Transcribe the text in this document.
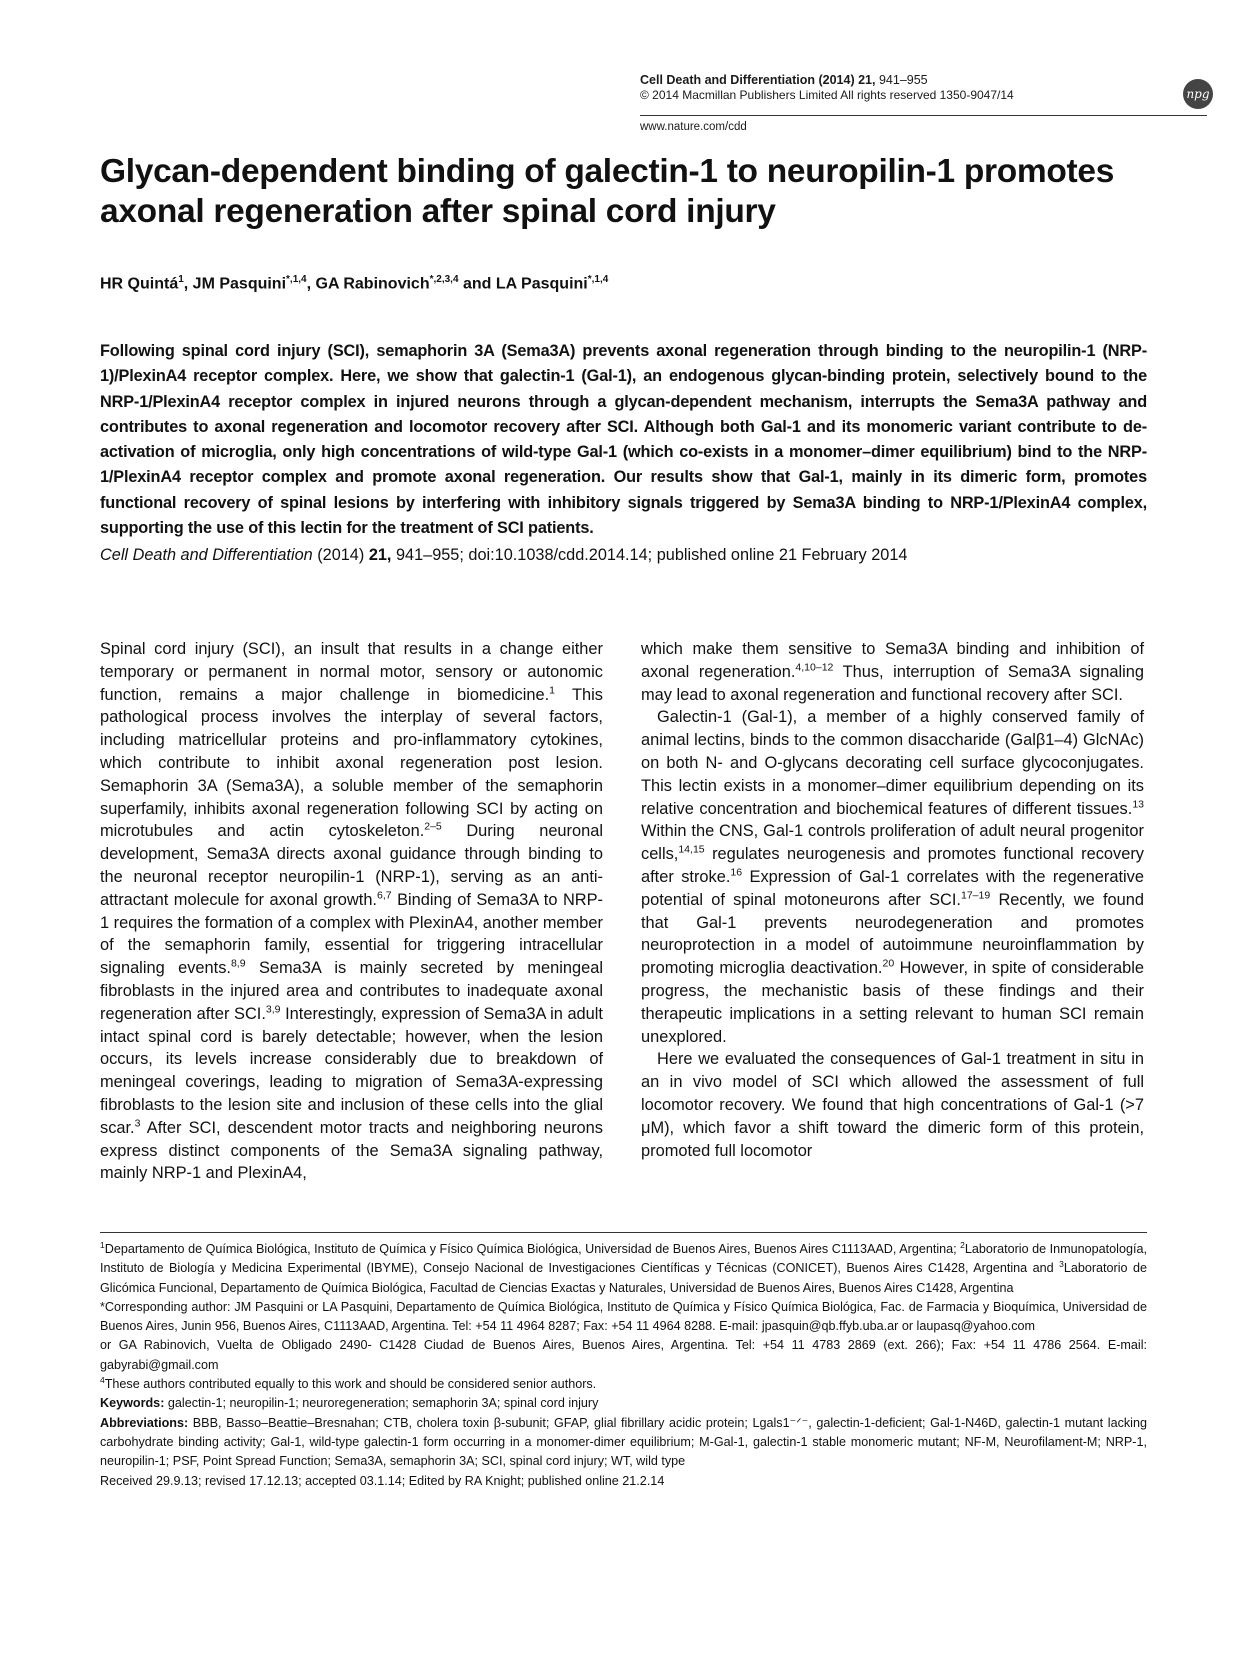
Cell Death and Differentiation (2014) 21, 941–955
© 2014 Macmillan Publishers Limited All rights reserved 1350-9047/14
www.nature.com/cdd
npg
Glycan-dependent binding of galectin-1 to neuropilin-1 promotes axonal regeneration after spinal cord injury
HR Quintá$^1$, JM Pasquini$^{*,1,4}$, GA Rabinovich$^{*,2,3,4}$ and LA Pasquini$^{*,1,4}$
Following spinal cord injury (SCI), semaphorin 3A (Sema3A) prevents axonal regeneration through binding to the neuropilin-1 (NRP-1)/PlexinA4 receptor complex. Here, we show that galectin-1 (Gal-1), an endogenous glycan-binding protein, selectively bound to the NRP-1/PlexinA4 receptor complex in injured neurons through a glycan-dependent mechanism, interrupts the Sema3A pathway and contributes to axonal regeneration and locomotor recovery after SCI. Although both Gal-1 and its monomeric variant contribute to de-activation of microglia, only high concentrations of wild-type Gal-1 (which co-exists in a monomer–dimer equilibrium) bind to the NRP-1/PlexinA4 receptor complex and promote axonal regeneration. Our results show that Gal-1, mainly in its dimeric form, promotes functional recovery of spinal lesions by interfering with inhibitory signals triggered by Sema3A binding to NRP-1/PlexinA4 complex, supporting the use of this lectin for the treatment of SCI patients.
Cell Death and Differentiation (2014) 21, 941–955; doi:10.1038/cdd.2014.14; published online 21 February 2014

Spinal cord injury (SCI), an insult that results in a change either temporary or permanent in normal motor, sensory or autonomic function, remains a major challenge in biomedicine.$^1$ This pathological process involves the interplay of several factors, including matricellular proteins and pro-inflammatory cytokines, which contribute to inhibit axonal regeneration post lesion. Semaphorin 3A (Sema3A), a soluble member of the semaphorin superfamily, inhibits axonal regeneration following SCI by acting on microtubules and actin cytoskeleton.$^{2-5}$ During neuronal development, Sema3A directs axonal guidance through binding to the neuronal receptor neuropilin-1 (NRP-1), serving as an anti-attractant molecule for axonal growth.$^{6,7}$ Binding of Sema3A to NRP-1 requires the formation of a complex with PlexinA4, another member of the semaphorin family, essential for triggering intracellular signaling events.$^{8,9}$ Sema3A is mainly secreted by meningeal fibroblasts in the injured area and contributes to inadequate axonal regeneration after SCI.$^{3,9}$ Interestingly, expression of Sema3A in adult intact spinal cord is barely detectable; however, when the lesion occurs, its levels increase considerably due to breakdown of meningeal coverings, leading to migration of Sema3A-expressing fibroblasts to the lesion site and inclusion of these cells into the glial scar.$^3$ After SCI, descendent motor tracts and neighboring neurons express distinct components of the Sema3A signaling pathway, mainly NRP-1 and PlexinA4,

which make them sensitive to Sema3A binding and inhibition of axonal regeneration.$^{4,10-12}$ Thus, interruption of Sema3A signaling may lead to axonal regeneration and functional recovery after SCI.

Galectin-1 (Gal-1), a member of a highly conserved family of animal lectins, binds to the common disaccharide (Galβ1–4) GlcNAc) on both N- and O-glycans decorating cell surface glycoconjugates. This lectin exists in a monomer–dimer equilibrium depending on its relative concentration and biochemical features of different tissues.$^{13}$ Within the CNS, Gal-1 controls proliferation of adult neural progenitor cells,$^{14,15}$ regulates neurogenesis and promotes functional recovery after stroke.$^{16}$ Expression of Gal-1 correlates with the regenerative potential of spinal motoneurons after SCI.$^{17-19}$ Recently, we found that Gal-1 prevents neurodegeneration and promotes neuroprotection in a model of autoimmune neuroinflammation by promoting microglia deactivation.$^{20}$ However, in spite of considerable progress, the mechanistic basis of these findings and their therapeutic implications in a setting relevant to human SCI remain unexplored.

Here we evaluated the consequences of Gal-1 treatment in situ in an in vivo model of SCI which allowed the assessment of full locomotor recovery. We found that high concentrations of Gal-1 (>7 μM), which favor a shift toward the dimeric form of this protein, promoted full locomotor

$^1$Departamento de Química Biológica, Instituto de Química y Físico Química Biológica, Universidad de Buenos Aires, Buenos Aires C1113AAD, Argentina; $^2$Laboratorio de Inmunopatología, Instituto de Biología y Medicina Experimental (IBYME), Consejo Nacional de Investigaciones Científicas y Técnicas (CONICET), Buenos Aires C1428, Argentina and $^3$Laboratorio de Glicómica Funcional, Departamento de Química Biológica, Facultad de Ciencias Exactas y Naturales, Universidad de Buenos Aires, Buenos Aires C1428, Argentina

*Corresponding author: JM Pasquini or LA Pasquini, Departamento de Química Biológica, Instituto de Química y Físico Química Biológica, Fac. de Farmacia y Bioquímica, Universidad de Buenos Aires, Junin 956, Buenos Aires, C1113AAD, Argentina. Tel: +54 11 4964 8287; Fax: +54 11 4964 8288. E-mail: jpasquin@qb.ffyb.uba.ar or laupasq@yahoo.com

or GA Rabinovich, Vuelta de Obligado 2490- C1428 Ciudad de Buenos Aires, Buenos Aires, Argentina. Tel: +54 11 4783 2869 (ext. 266); Fax: +54 11 4786 2564. E-mail: gabyrabi@gmail.com

$^4$These authors contributed equally to this work and should be considered senior authors.

Keywords: galectin-1; neuropilin-1; neuroregeneration; semaphorin 3A; spinal cord injury

Abbreviations: BBB, Basso–Beattie–Bresnahan; CTB, cholera toxin β-subunit; GFAP, glial fibrillary acidic protein; Lgals1⁻ᐟ⁻, galectin-1-deficient; Gal-1-N46D, galectin-1 mutant lacking carbohydrate binding activity; Gal-1, wild-type galectin-1 form occurring in a monomer-dimer equilibrium; M-Gal-1, galectin-1 stable monomeric mutant; NF-M, Neurofilament-M; NRP-1, neuropilin-1; PSF, Point Spread Function; Sema3A, semaphorin 3A; SCI, spinal cord injury; WT, wild type

Received 29.9.13; revised 17.12.13; accepted 03.1.14; Edited by RA Knight; published online 21.2.14
